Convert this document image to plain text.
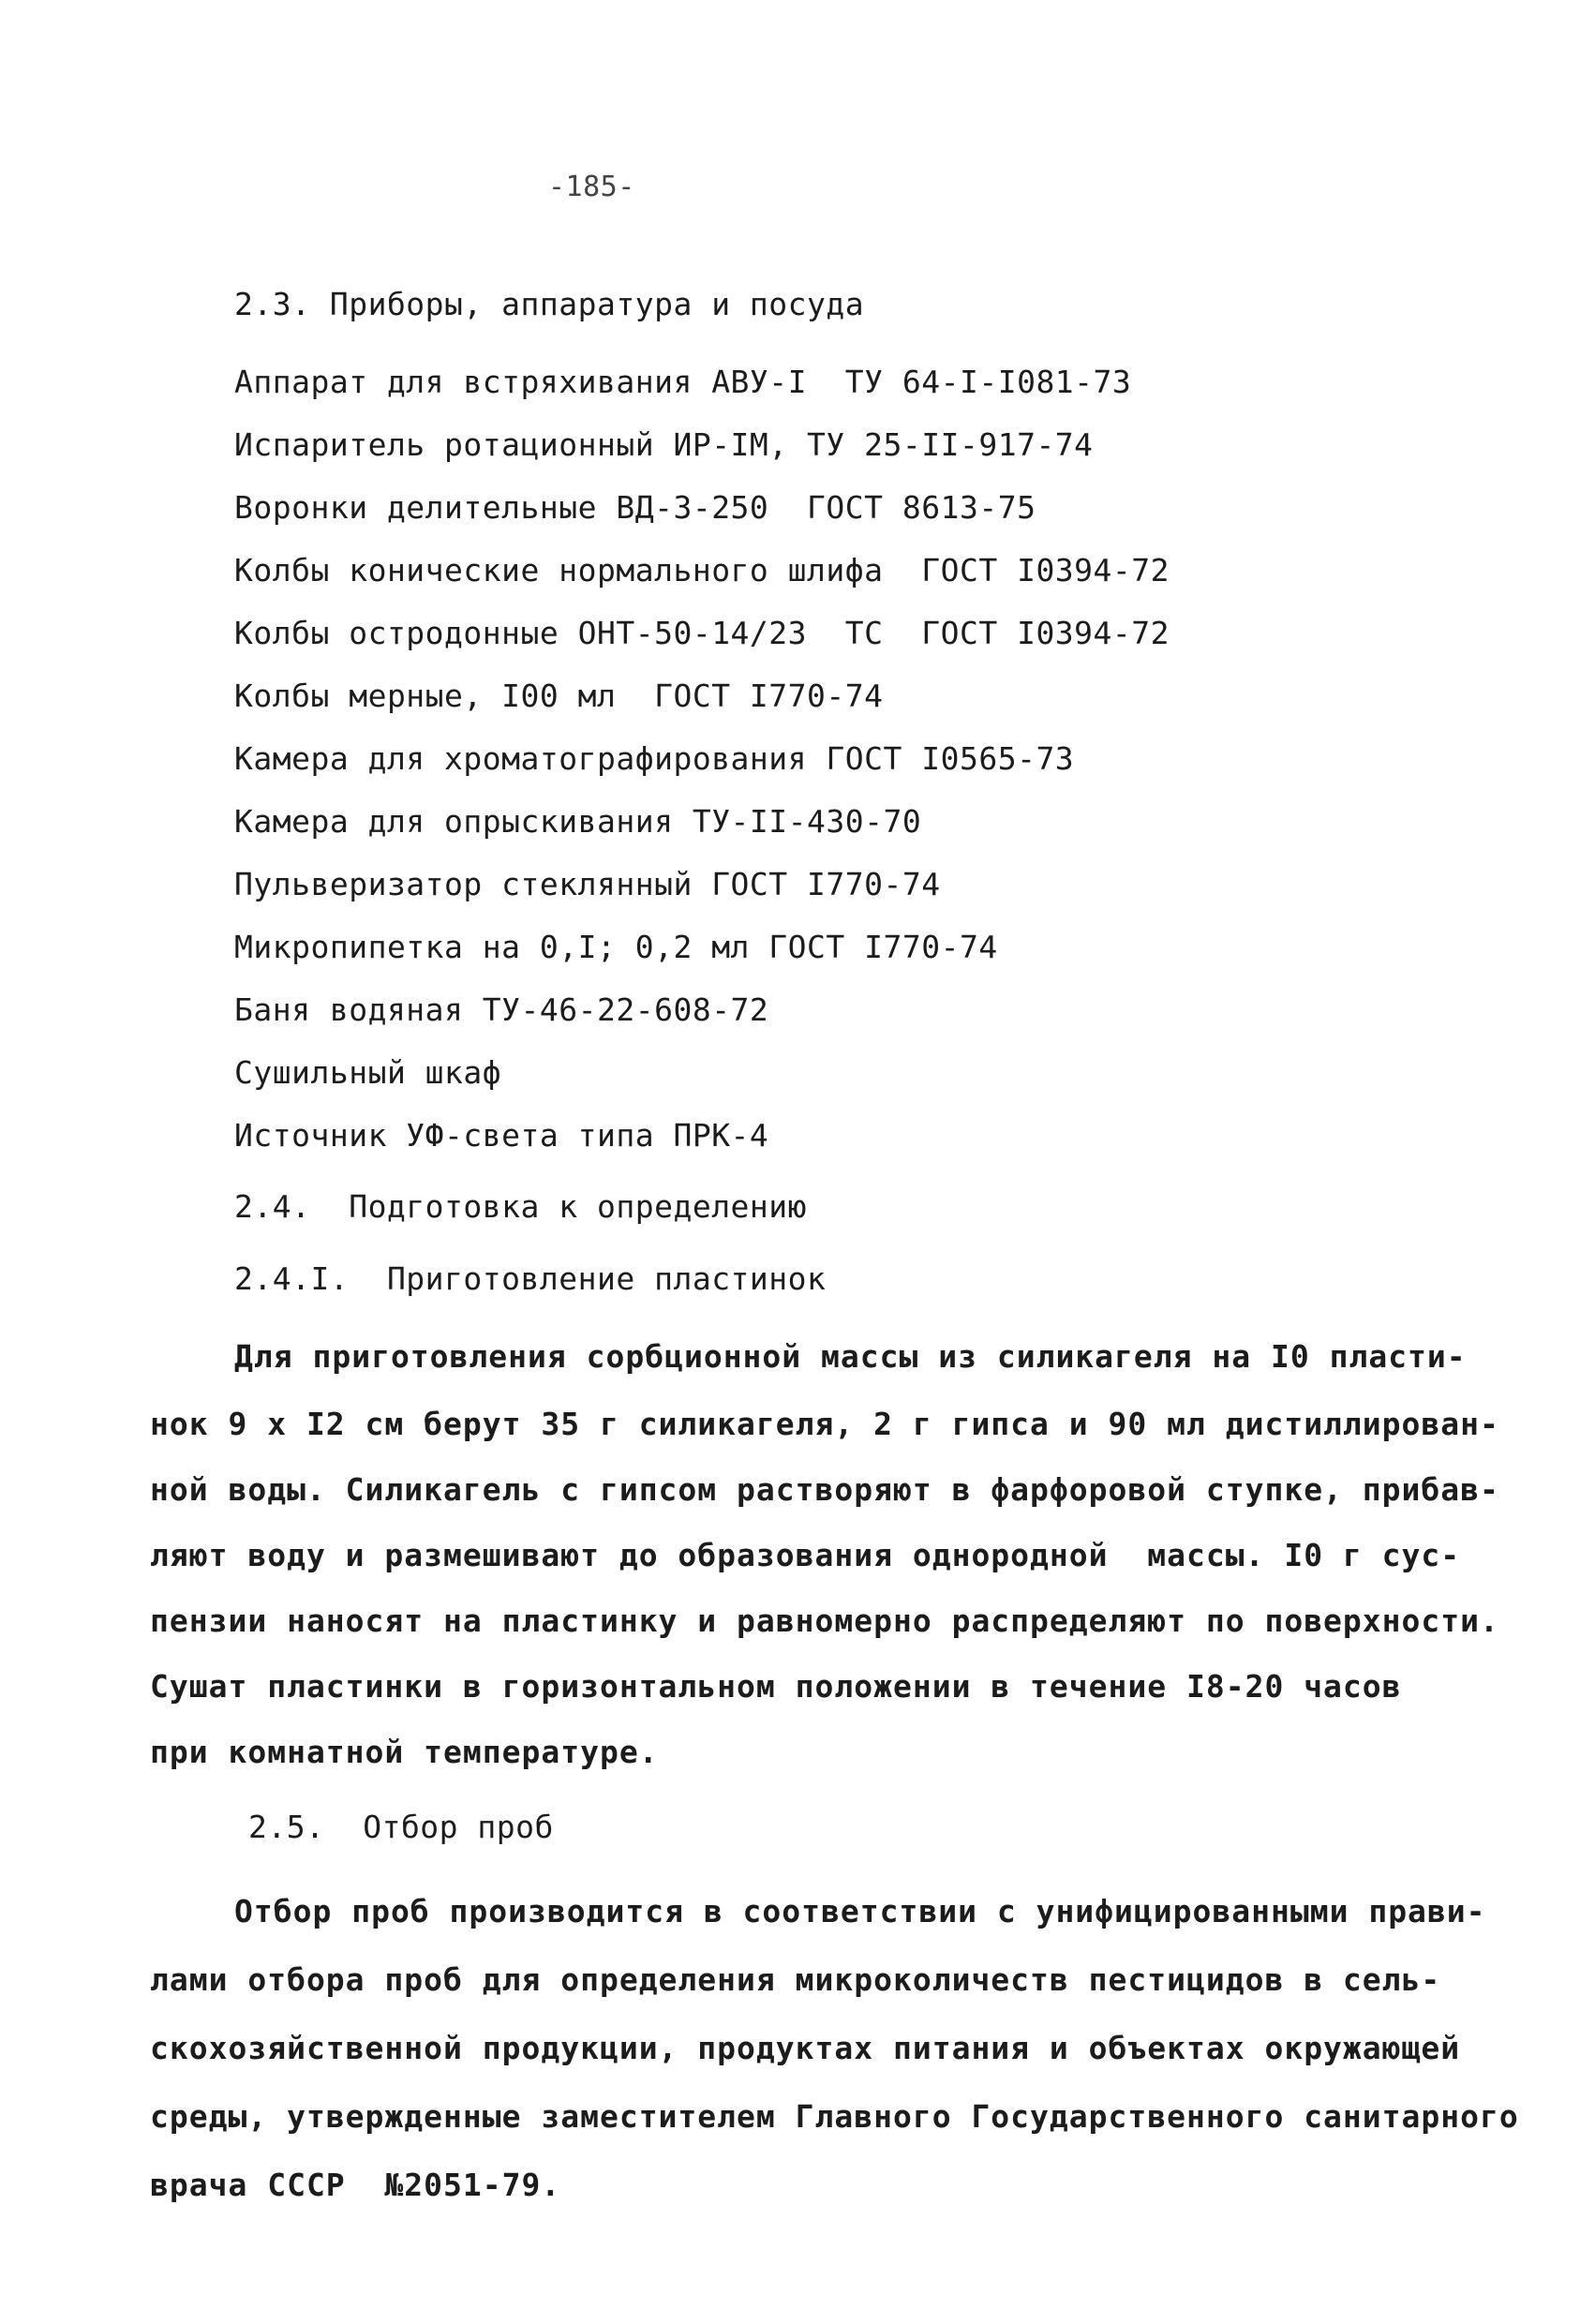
-185-
2.3. Приборы, аппаратура и посуда
Аппарат для встряхивания АВУ-I  ТУ 64-I-I081-73
Испаритель ротационный ИР-IМ, ТУ 25-II-917-74
Воронки делительные ВД-3-250  ГОСТ 8613-75
Колбы конические нормального шлифа  ГОСТ I0394-72
Колбы остродонные ОНТ-50-14/23  ТС  ГОСТ I0394-72
Колбы мерные, I00 мл  ГОСТ I770-74
Камера для хроматографирования ГОСТ I0565-73
Камера для опрыскивания ТУ-II-430-70
Пульверизатор стеклянный ГОСТ I770-74
Микропипетка на 0,I; 0,2 мл ГОСТ I770-74
Баня водяная ТУ-46-22-608-72
Сушильный шкаф
Источник УФ-света типа ПРК-4
2.4.  Подготовка к определению
2.4.I.  Приготовление пластинок
Для приготовления сорбционной массы из силикагеля на I0 пласти-
нок 9 х I2 см берут 35 г силикагеля, 2 г гипса и 90 мл дистиллирован-
ной воды. Силикагель с гипсом растворяют в фарфоровой ступке, прибав-
ляют воду и размешивают до образования однородной  массы. I0 г сус-
пензии наносят на пластинку и равномерно распределяют по поверхности.
Сушат пластинки в горизонтальном положении в течение I8-20 часов
при комнатной температуре.
2.5.  Отбор проб
Отбор проб производится в соответствии с унифицированными прави-
лами отбора проб для определения микроколичеств пестицидов в сель-
скохозяйственной продукции, продуктах питания и объектах окружающей
среды, утвержденные заместителем Главного Государственного санитарного
врача СССР  №2051-79.
